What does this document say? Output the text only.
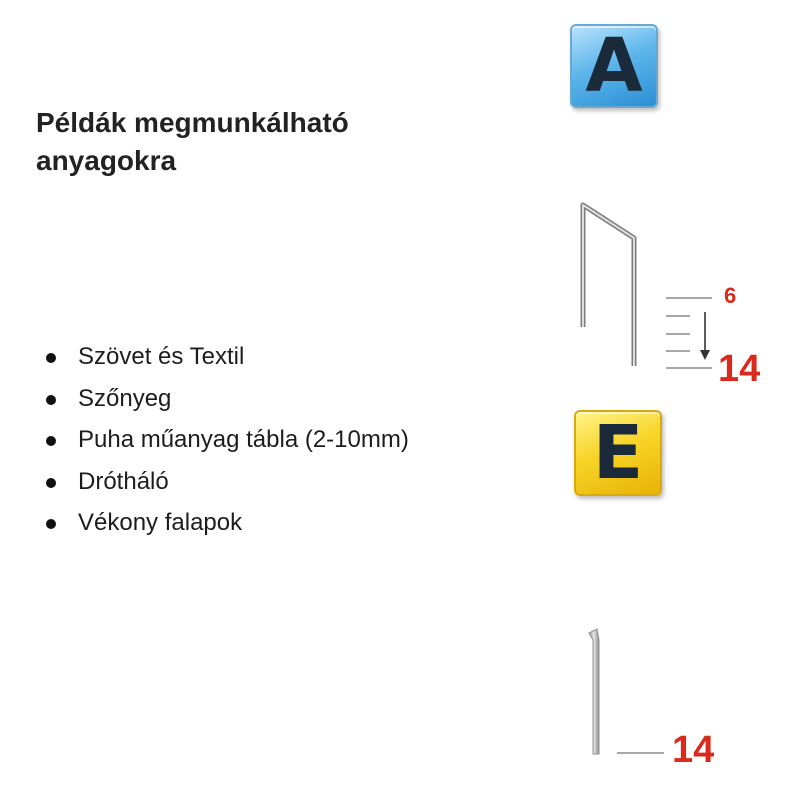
Példák megmunkálható
anyagokra
Szövet és Textil
Szőnyeg
Puha műanyag tábla (2-10mm)
Drótháló
Vékony falapok
A
E
6
14
14
